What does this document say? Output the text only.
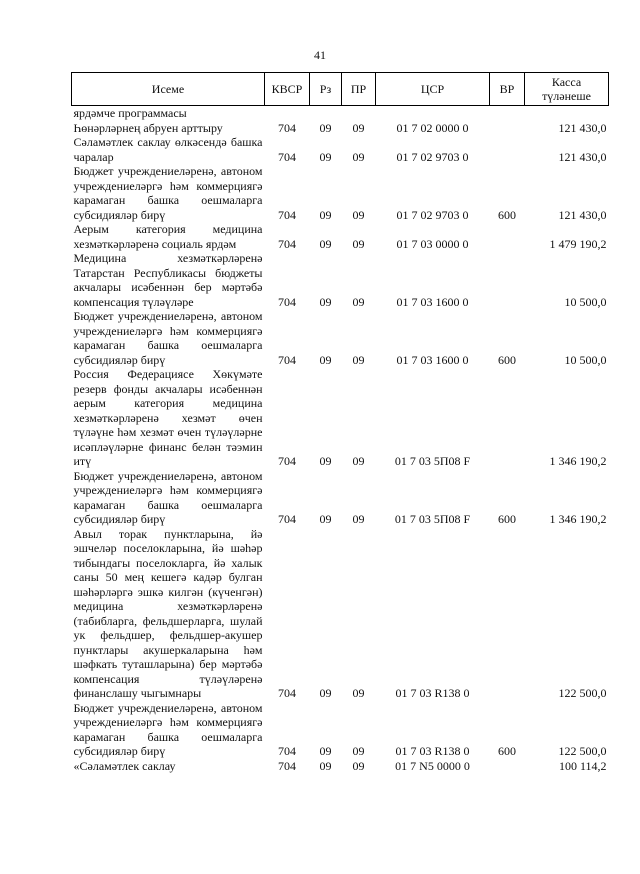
41
Исеме	КВСР	Рз	ПР	ЦСР	ВР	Касса түләнеше
ярдәмче программасы						
Һөнәрләрнең абруен арттыру	704	09	09	01 7 02 0000 0		121 430,0
Сәламәтлек саклау өлкәсендә башка чаралар	704	09	09	01 7 02 9703 0		121 430,0
Бюджет учреждениеләренә, автоном учреждениеләргә һәм коммерциягә карамаган башка оешмаларга субсидияләр бирү	704	09	09	01 7 02 9703 0	600	121 430,0
Аерым категория медицина хезмәткәрләренә социаль ярдәм	704	09	09	01 7 03 0000 0		1 479 190,2
Медицина хезмәткәрләренә Татарстан Республикасы бюджеты акчалары исәбеннән бер мәртәбә компенсация түләүләре	704	09	09	01 7 03 1600 0		10 500,0
Бюджет учреждениеләренә, автоном учреждениеләргә һәм коммерциягә карамаган башка оешмаларга субсидияләр бирү	704	09	09	01 7 03 1600 0	600	10 500,0
Россия Федерациясе Хөкүмәте резерв фонды акчалары исәбеннән аерым категория медицина хезмәткәрләренә хезмәт өчен түләүне һәм хезмәт өчен түләүләрне исәпләүләрне финанс белән тәэмин итү	704	09	09	01 7 03 5П08 F		1 346 190,2
Бюджет учреждениеләренә, автоном учреждениеләргә һәм коммерциягә карамаган башка оешмаларга субсидияләр бирү	704	09	09	01 7 03 5П08 F	600	1 346 190,2
Авыл торак пунктларына, йә эшчеләр поселокларына, йә шәһәр тибындагы поселокларга, йә халык саны 50 мең кешегә кадәр булган шәһәрләргә эшкә килгән (күченгән) медицина хезмәткәрләренә (табибларга, фельдшерларга, шулай ук фельдшер, фельдшер-акушер пунктлары акушеркаларына һәм шәфкать туташларына) бер мәртәбә компенсация түләүләренә финанслашу чыгымнары	704	09	09	01 7 03 R138 0		122 500,0
Бюджет учреждениеләренә, автоном учреждениеләргә һәм коммерциягә карамаган башка оешмаларга субсидияләр бирү	704	09	09	01 7 03 R138 0	600	122 500,0
«Сәламәтлек саклау	704	09	09	01 7 N5 0000 0		100 114,2
